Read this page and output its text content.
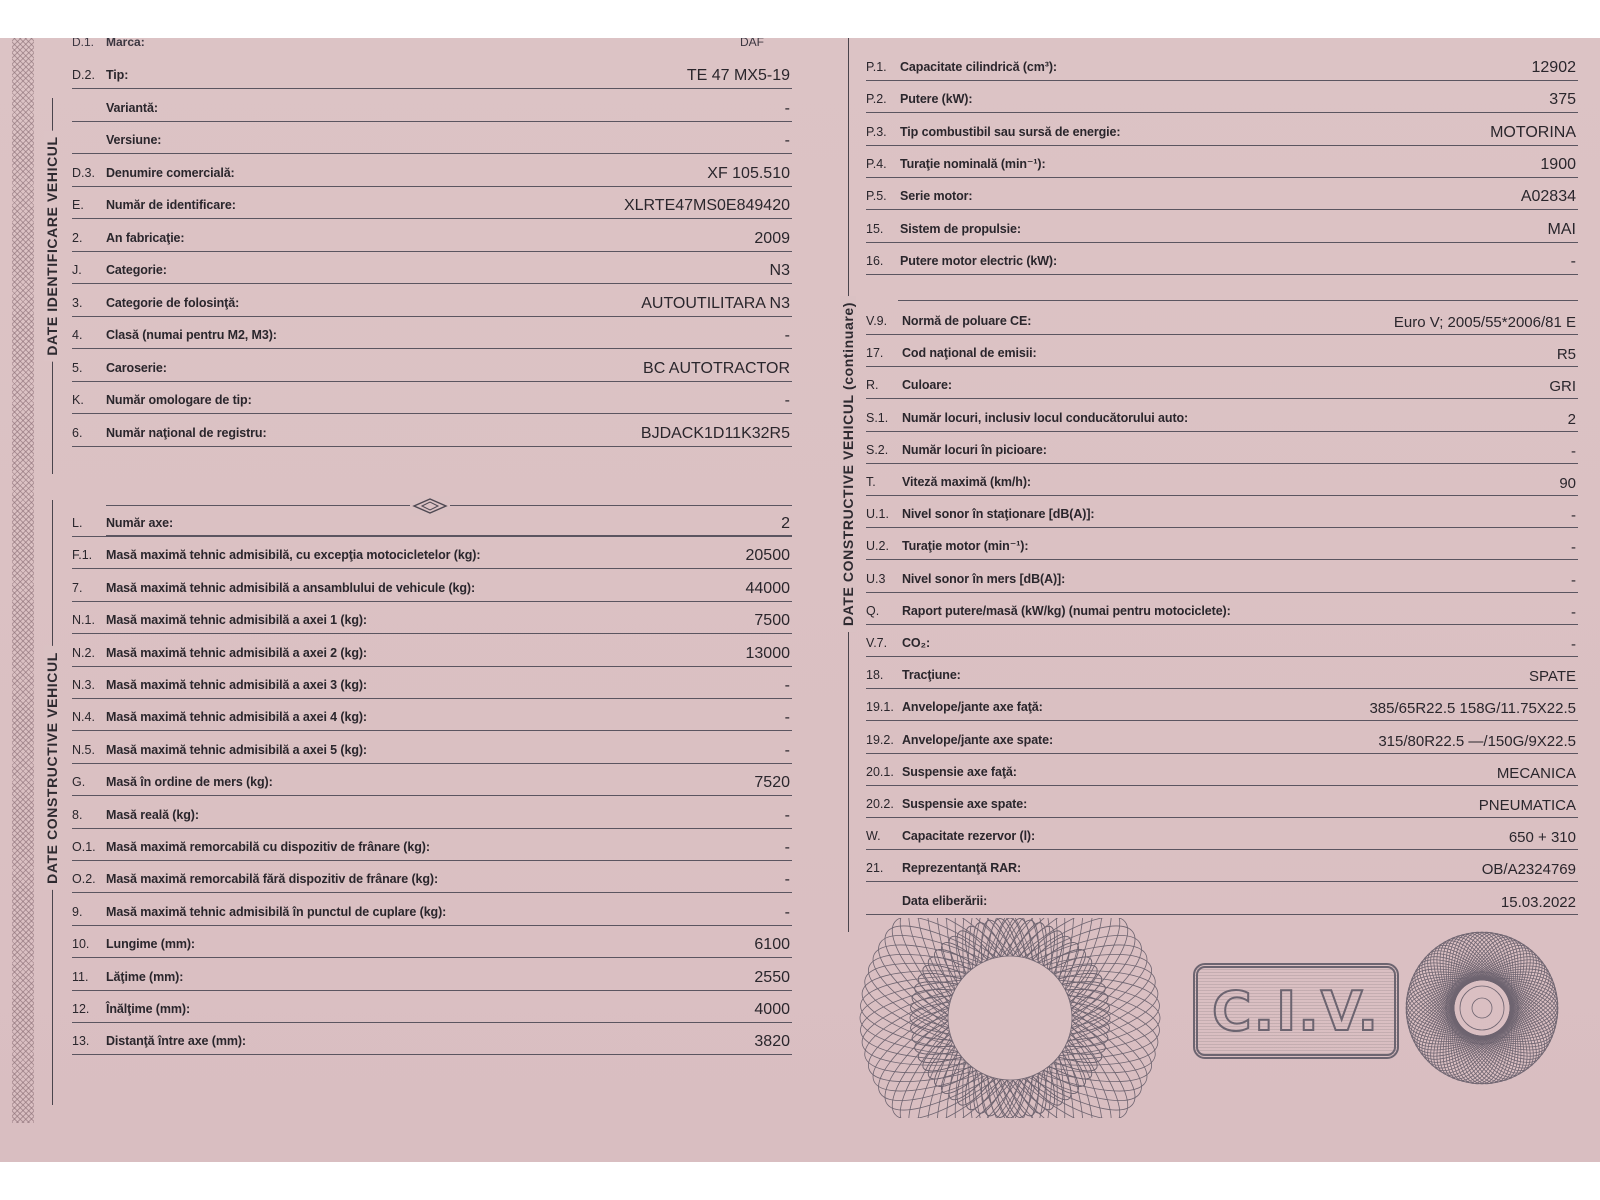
DATE IDENTIFICARE VEHICUL
DATE CONSTRUCTIVE VEHICUL
DATE CONSTRUCTIVE VEHICUL (continuare)
D.1. Marca:	DAF
D.2. Tip:	TE 47 MX5-19
Variantă:	-
Versiune:	-
D.3. Denumire comercială:	XF 105.510
E. Număr de identificare:	XLRTE47MS0E849420
2. An fabricaţie:	2009
J. Categorie:	N3
3. Categorie de folosinţă:	AUTOUTILITARA N3
4. Clasă (numai pentru M2, M3):	-
5. Caroserie:	BC AUTOTRACTOR
K. Număr omologare de tip:	-
6. Număr naţional de registru:	BJDACK1D11K32R5
L. Număr axe:	2
F.1. Masă maximă tehnic admisibilă, cu excepţia motocicletelor (kg):	20500
7. Masă maximă tehnic admisibilă a ansamblului de vehicule (kg):	44000
N.1. Masă maximă tehnic admisibilă a axei 1 (kg):	7500
N.2. Masă maximă tehnic admisibilă a axei 2 (kg):	13000
N.3. Masă maximă tehnic admisibilă a axei 3 (kg):	-
N.4. Masă maximă tehnic admisibilă a axei 4 (kg):	-
N.5. Masă maximă tehnic admisibilă a axei 5 (kg):	-
G. Masă în ordine de mers (kg):	7520
8. Masă reală (kg):	-
O.1. Masă maximă remorcabilă cu dispozitiv de frânare (kg):	-
O.2. Masă maximă remorcabilă fără dispozitiv de frânare (kg):	-
9. Masă maximă tehnic admisibilă în punctul de cuplare (kg):	-
10. Lungime (mm):	6100
11. Lăţime (mm):	2550
12. Înălţime (mm):	4000
13. Distanţă între axe (mm):	3820
P.1. Capacitate cilindrică (cm³):	12902
P.2. Putere (kW):	375
P.3. Tip combustibil sau sursă de energie:	MOTORINA
P.4. Turaţie nominală (min⁻¹):	1900
P.5. Serie motor:	A02834
15. Sistem de propulsie:	MAI
16. Putere motor electric (kW):	-
V.9. Normă de poluare CE:	Euro V; 2005/55*2006/81 E
17. Cod naţional de emisii:	R5
R. Culoare:	GRI
S.1. Număr locuri, inclusiv locul conducătorului auto:	2
S.2. Număr locuri în picioare:	-
T. Viteză maximă (km/h):	90
U.1. Nivel sonor în staţionare [dB(A)]:	-
U.2. Turaţie motor (min⁻¹):	-
U.3 Nivel sonor în mers [dB(A)]:	-
Q. Raport putere/masă (kW/kg) (numai pentru motociclete):	-
V.7. CO₂:	-
18. Tracţiune:	SPATE
19.1. Anvelope/jante axe faţă:	385/65R22.5 158G/11.75X22.5
19.2. Anvelope/jante axe spate:	315/80R22.5 —/150G/9X22.5
20.1. Suspensie axe faţă:	MECANICA
20.2. Suspensie axe spate:	PNEUMATICA
W. Capacitate rezervor (l):	650 + 310
21. Reprezentanţă RAR:	OB/A2324769
Data eliberării:	15.03.2022
C.I.V.
